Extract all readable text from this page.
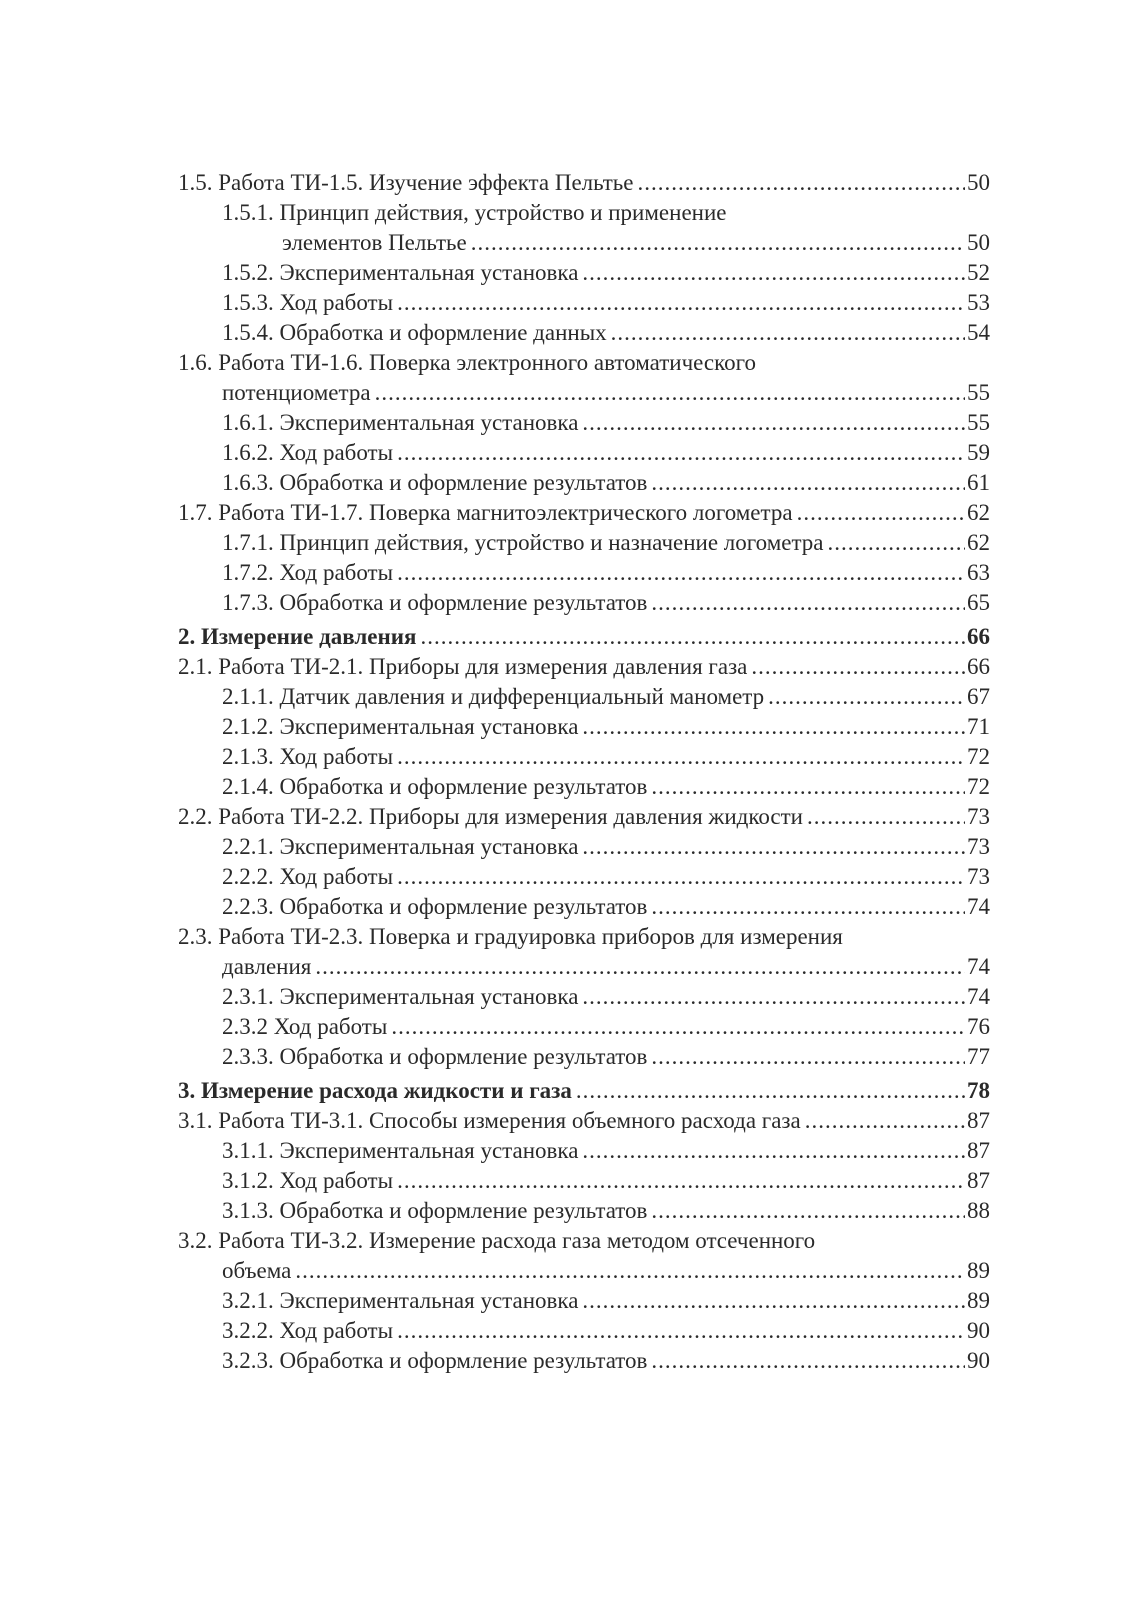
1.5. Работа ТИ-1.5. Изучение эффекта Пельтье .....	50
1.5.1. Принцип действия, устройство и применение
элементов Пельтье .....	50
1.5.2. Экспериментальная установка .....	52
1.5.3. Ход работы .....	53
1.5.4. Обработка и оформление данных .....	54
1.6. Работа ТИ-1.6. Поверка электронного автоматического
потенциометра .....	55
1.6.1. Экспериментальная установка .....	55
1.6.2. Ход работы .....	59
1.6.3. Обработка и оформление результатов .....	61
1.7. Работа ТИ-1.7. Поверка магнитоэлектрического логометра .....	62
1.7.1. Принцип действия, устройство и назначение логометра .....	62
1.7.2. Ход работы .....	63
1.7.3. Обработка и оформление результатов .....	65
2. Измерение давления .....	66
2.1. Работа ТИ-2.1. Приборы для измерения давления газа .....	66
2.1.1. Датчик давления и дифференциальный манометр .....	67
2.1.2. Экспериментальная установка .....	71
2.1.3. Ход работы .....	72
2.1.4. Обработка и оформление результатов .....	72
2.2. Работа ТИ-2.2. Приборы для измерения давления жидкости .....	73
2.2.1. Экспериментальная установка .....	73
2.2.2. Ход работы .....	73
2.2.3. Обработка и оформление результатов .....	74
2.3. Работа ТИ-2.3. Поверка и градуировка приборов для измерения
давления .....	74
2.3.1. Экспериментальная установка .....	74
2.3.2 Ход работы .....	76
2.3.3. Обработка и оформление результатов .....	77
3. Измерение расхода жидкости и газа .....	78
3.1. Работа ТИ-3.1. Способы измерения объемного расхода газа .....	87
3.1.1. Экспериментальная установка .....	87
3.1.2. Ход работы .....	87
3.1.3. Обработка и оформление результатов .....	88
3.2. Работа ТИ-3.2. Измерение расхода газа методом отсеченного
объема .....	89
3.2.1. Экспериментальная установка .....	89
3.2.2. Ход работы .....	90
3.2.3. Обработка и оформление результатов .....	90
